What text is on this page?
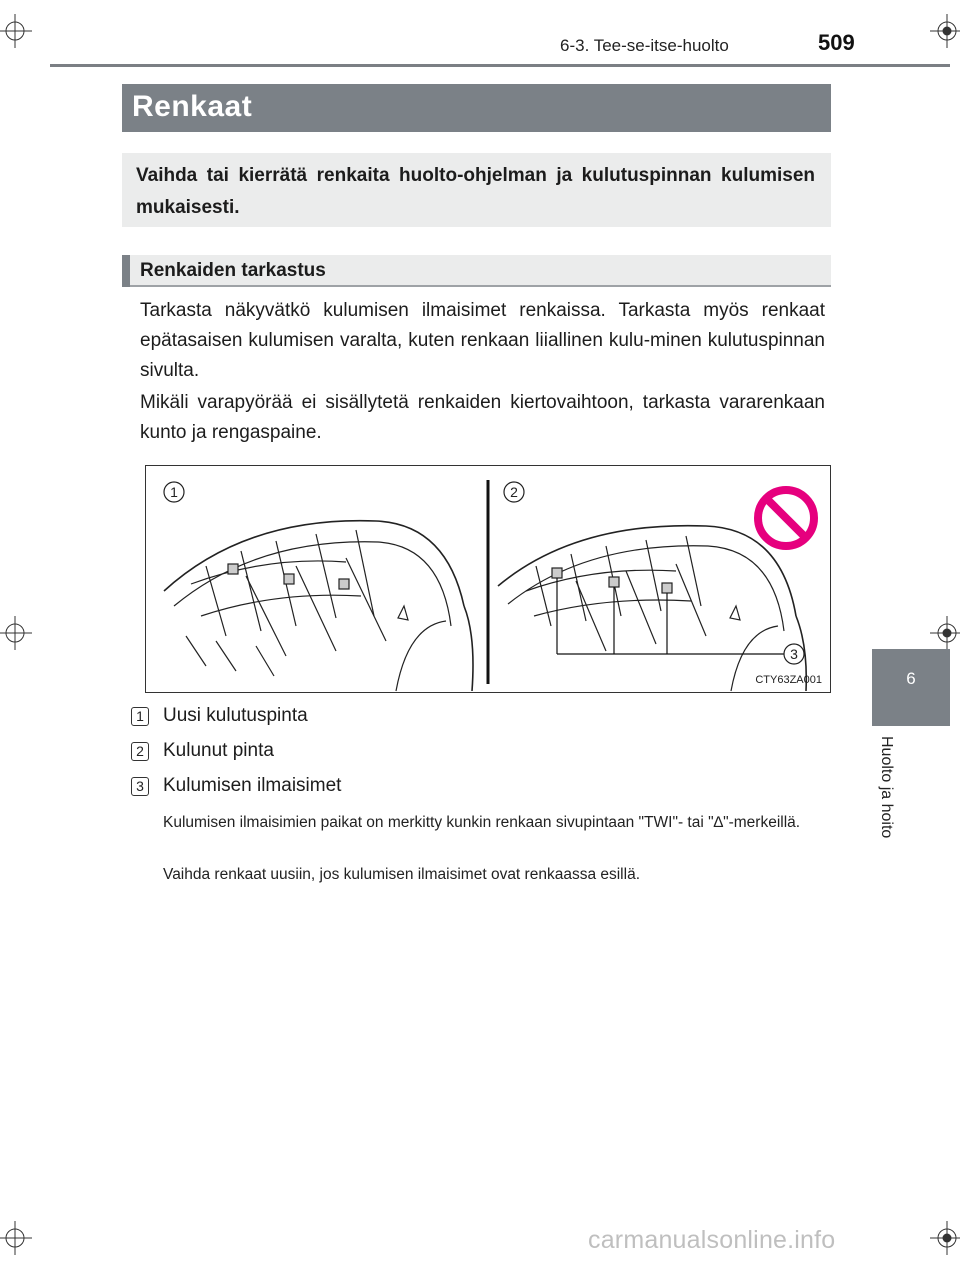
6-3. Tee-se-itse-huolto	509
Renkaat

Vaihda tai kierrätä renkaita huolto-ohjelman ja kulutuspinnan kulumisen mukaisesti.

Renkaiden tarkastus

Tarkasta näkyvätkö kulumisen ilmaisimet renkaissa. Tarkasta myös renkaat epätasaisen kulumisen varalta, kuten renkaan liiallinen kulu-minen kulutuspinnan sivulta.

Mikäli varapyörää ei sisällytetä renkaiden kiertovaihtoon, tarkasta vararenkaan kunto ja rengaspaine.

1	2
3
CTY63ZA001
1 Uusi kulutuspinta
2 Kulunut pinta
3 Kulumisen ilmaisimet

Kulumisen ilmaisimien paikat on merkitty kunkin renkaan sivupintaan "TWI"- tai "∆"-merkeillä.

Vaihda renkaat uusiin, jos kulumisen ilmaisimet ovat renkaassa esillä.

6
Huolto ja hoito
carmanualsonline.info
